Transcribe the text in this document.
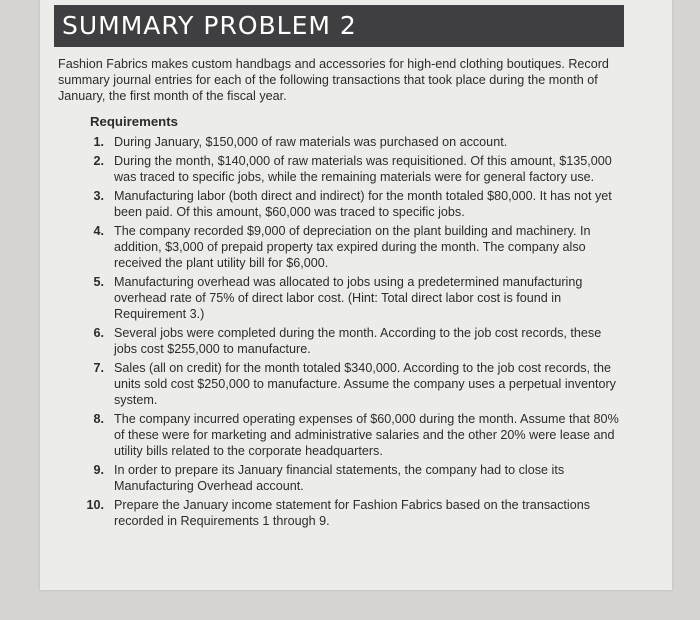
SUMMARY PROBLEM 2

Fashion Fabrics makes custom handbags and accessories for high-end clothing boutiques. Record summary journal entries for each of the following transactions that took place during the month of January, the first month of the fiscal year.

Requirements
1. During January, $150,000 of raw materials was purchased on account.
2. During the month, $140,000 of raw materials was requisitioned. Of this amount, $135,000 was traced to specific jobs, while the remaining materials were for general factory use.
3. Manufacturing labor (both direct and indirect) for the month totaled $80,000. It has not yet been paid. Of this amount, $60,000 was traced to specific jobs.
4. The company recorded $9,000 of depreciation on the plant building and machinery. In addition, $3,000 of prepaid property tax expired during the month. The company also received the plant utility bill for $6,000.
5. Manufacturing overhead was allocated to jobs using a predetermined manufacturing overhead rate of 75% of direct labor cost. (Hint: Total direct labor cost is found in Requirement 3.)
6. Several jobs were completed during the month. According to the job cost records, these jobs cost $255,000 to manufacture.
7. Sales (all on credit) for the month totaled $340,000. According to the job cost records, the units sold cost $250,000 to manufacture. Assume the company uses a perpetual inventory system.
8. The company incurred operating expenses of $60,000 during the month. Assume that 80% of these were for marketing and administrative salaries and the other 20% were lease and utility bills related to the corporate headquarters.
9. In order to prepare its January financial statements, the company had to close its Manufacturing Overhead account.
10. Prepare the January income statement for Fashion Fabrics based on the transactions recorded in Requirements 1 through 9.
